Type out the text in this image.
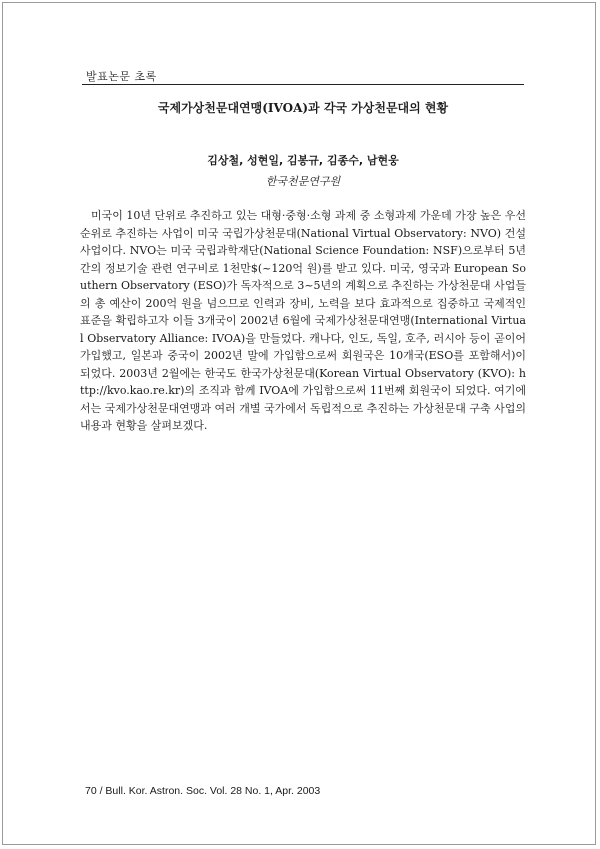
발표논문 초록
국제가상천문대연맹(IVOA)과 각국 가상천문대의 현황
김상철, 성현일, 김봉규, 김종수, 남현웅
한국천문연구원

미국이 10년 단위로 추진하고 있는 대형·중형·소형 과제 중 소형과제 가운데 가장 높은 우선순위로 추진하는 사업이 미국 국립가상천문대(National Virtual Observatory: NVO) 건설사업이다. NVO는 미국 국립과학재단(National Science Foundation: NSF)으로부터 5년간의 정보기술 관련 연구비로 1천만$(~120억 원)를 받고 있다. 미국, 영국과 European Southern Observatory (ESO)가 독자적으로 3~5년의 계획으로 추진하는 가상천문대 사업들의 총 예산이 200억 원을 넘으므로 인력과 장비, 노력을 보다 효과적으로 집중하고 국제적인 표준을 확립하고자 이들 3개국이 2002년 6월에 국제가상천문대연맹(International Virtual Observatory Alliance: IVOA)을 만들었다. 캐나다, 인도, 독일, 호주, 러시아 등이 곧이어 가입했고, 일본과 중국이 2002년 말에 가입함으로써 회원국은 10개국(ESO를 포함해서)이 되었다. 2003년 2월에는 한국도 한국가상천문대(Korean Virtual Observatory (KVO): http://kvo.kao.re.kr)의 조직과 함께 IVOA에 가입함으로써 11번째 회원국이 되었다. 여기에서는 국제가상천문대연맹과 여러 개별 국가에서 독립적으로 추진하는 가상천문대 구축 사업의 내용과 현황을 살펴보겠다.

70 / Bull. Kor. Astron. Soc. Vol. 28 No. 1, Apr. 2003
